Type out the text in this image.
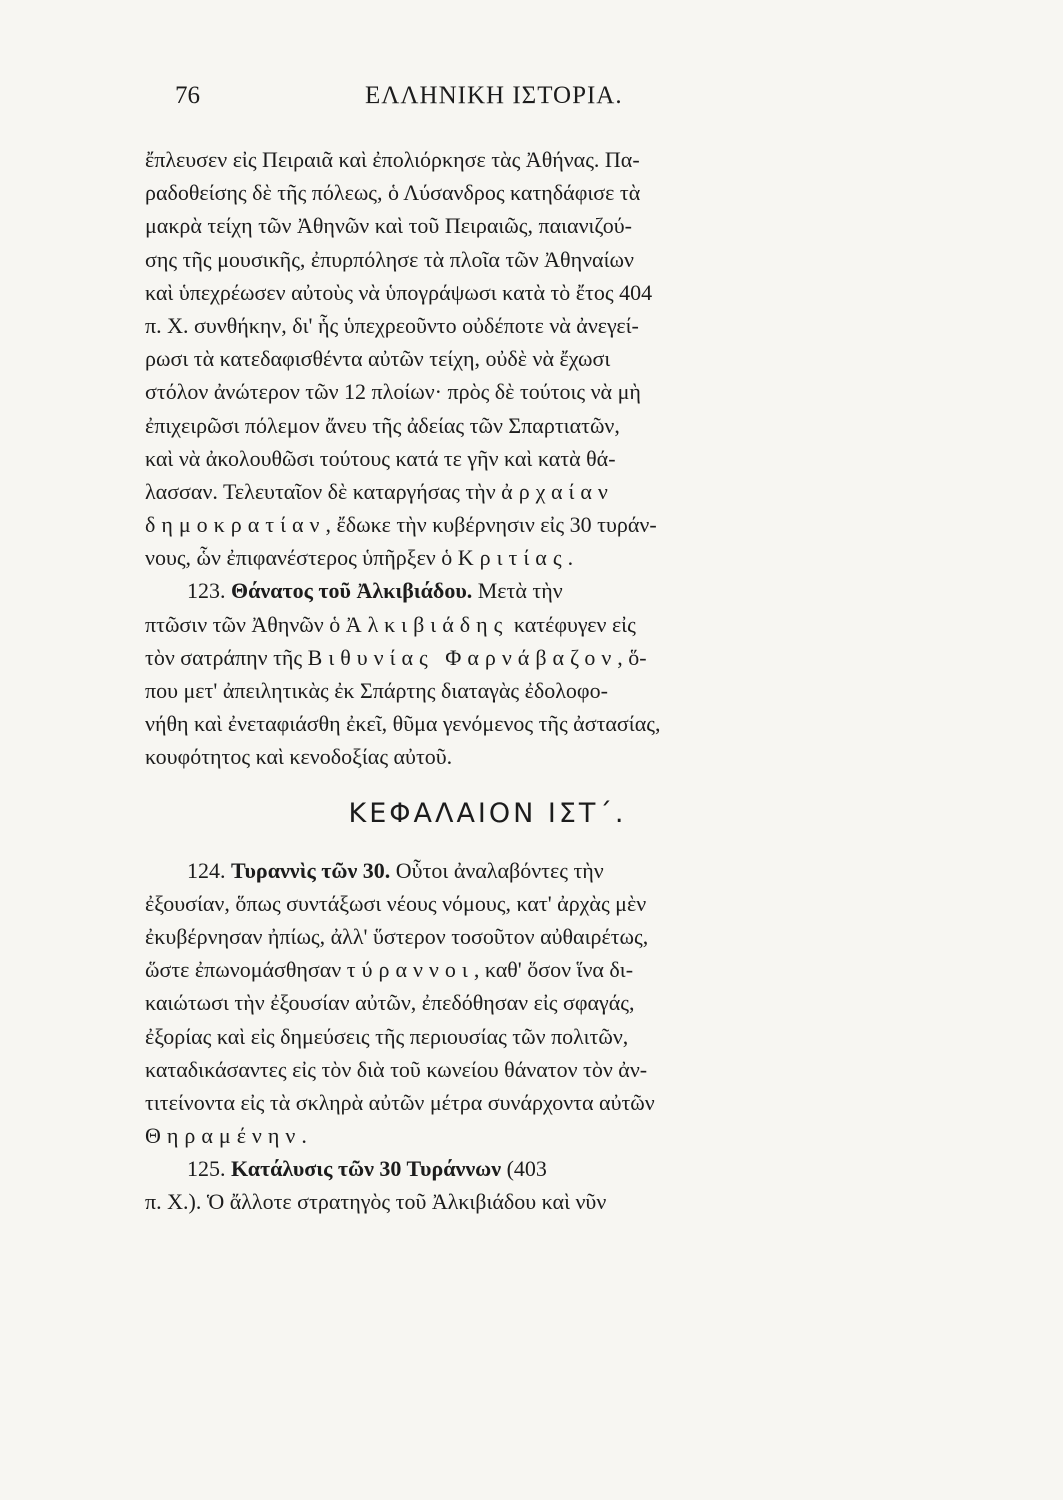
76	ΕΛΛΗΝΙΚΗ ΙΣΤΟΡΙΑ.
ἔπλευσεν εἰς Πειραιᾶ καὶ ἐπολιόρκησε τὰς Ἀθήνας. Πα-
ραδοθείσης δὲ τῆς πόλεως, ὁ Λύσανδρος κατηδάφισε τὰ
μακρὰ τείχη τῶν Ἀθηνῶν καὶ τοῦ Πειραιῶς, παιανιζού-
σης τῆς μουσικῆς, ἐπυρπόλησε τὰ πλοῖα τῶν Ἀθηναίων
καὶ ὑπεχρέωσεν αὐτοὺς νὰ ὑπογράψωσι κατὰ τὸ ἔτος 404
π. Χ. συνθήκην, δι' ἧς ὑπεχρεοῦντο οὐδέποτε νὰ ἀνεγεί-
ρωσι τὰ κατεδαφισθέντα αὐτῶν τείχη, οὐδὲ νὰ ἔχωσι
στόλον ἀνώτερον τῶν 12 πλοίων· πρὸς δὲ τούτοις νὰ μὴ
ἐπιχειρῶσι πόλεμον ἄνευ τῆς ἀδείας τῶν Σπαρτιατῶν,
καὶ νὰ ἀκολουθῶσι τούτους κατά τε γῆν καὶ κατὰ θά-
λασσαν. Τελευταῖον δὲ καταργήσας τὴν ἀρχαίαν
δημοκρατίαν, ἔδωκε τὴν κυβέρνησιν εἰς 30 τυράν-
νους, ὧν ἐπιφανέστερος ὑπῆρξεν ὁ Κριτίας.
123. Θάνατος τοῦ Ἀλκιβιάδου. Μετὰ τὴν
πτῶσιν τῶν Ἀθηνῶν ὁ Ἀλκιβιάδης κατέφυγεν εἰς
τὸν σατράπην τῆς Βιθυνίας Φαρνάβαζον, ὅ-
που μετ' ἀπειλητικὰς ἐκ Σπάρτης διαταγὰς ἐδολοφο-
νήθη καὶ ἐνεταφιάσθη ἐκεῖ, θῦμα γενόμενος τῆς ἀστασίας,
κουφότητος καὶ κενοδοξίας αὐτοῦ.
ΚΕΦΑΛΑΙΟΝ ΙΣΤ΄.
124. Τυραννὶς τῶν 30. Οὗτοι ἀναλαβόντες τὴν
ἐξουσίαν, ὅπως συντάξωσι νέους νόμους, κατ' ἀρχὰς μὲν
ἐκυβέρνησαν ἠπίως, ἀλλ' ὕστερον τοσοῦτον αὐθαιρέτως,
ὥστε ἐπωνομάσθησαν τύραννοι, καθ' ὅσον ἵνα δι-
καιώτωσι τὴν ἐξουσίαν αὐτῶν, ἐπεδόθησαν εἰς σφαγάς,
ἐξορίας καὶ εἰς δημεύσεις τῆς περιουσίας τῶν πολιτῶν,
καταδικάσαντες εἰς τὸν διὰ τοῦ κωνείου θάνατον τὸν ἀν-
τιτείνοντα εἰς τὰ σκληρὰ αὐτῶν μέτρα συνάρχοντα αὐτῶν
Θηραμένην.
125. Κατάλυσις τῶν 30 Τυράννων (403
π. Χ.). Ὁ ἄλλοτε στρατηγὸς τοῦ Ἀλκιβιάδου καὶ νῦν
